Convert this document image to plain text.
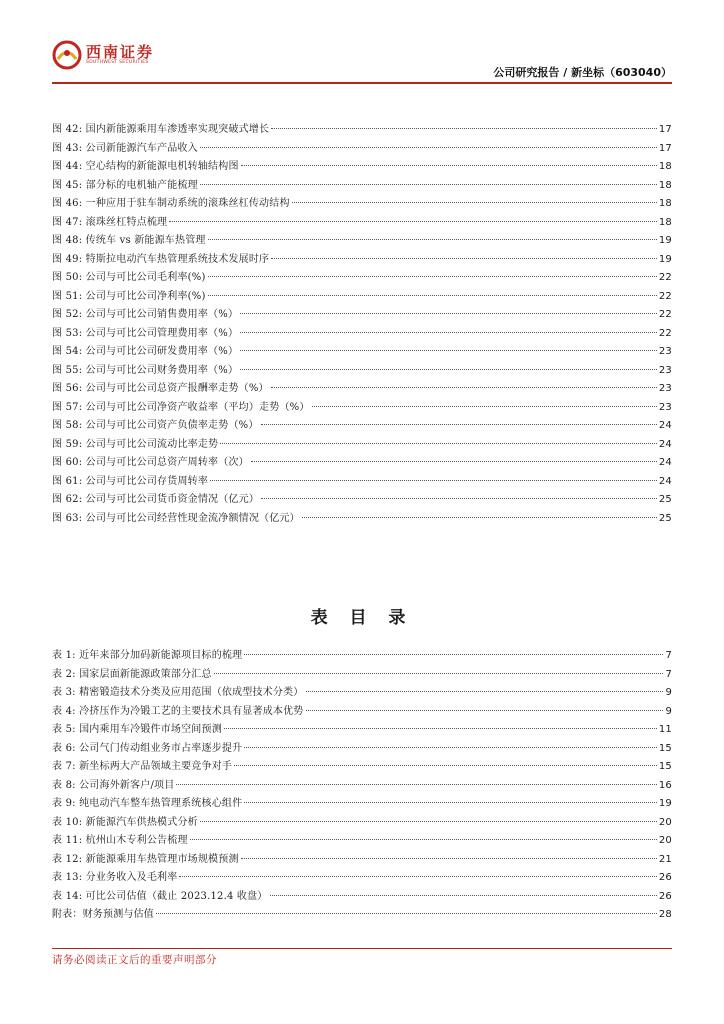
西南证券
SOUTHWEST SECURITIES
公司研究报告 / 新坐标（603040）
图 42: 国内新能源乘用车渗透率实现突破式增长	17
图 43: 公司新能源汽车产品收入	17
图 44: 空心结构的新能源电机转轴结构图	18
图 45: 部分标的电机轴产能梳理	18
图 46: 一种应用于驻车制动系统的滚珠丝杠传动结构	18
图 47: 滚珠丝杠特点梳理	18
图 48: 传统车 vs 新能源车热管理	19
图 49: 特斯拉电动汽车热管理系统技术发展时序	19
图 50: 公司与可比公司毛利率(%)	22
图 51: 公司与可比公司净利率(%)	22
图 52: 公司与可比公司销售费用率（%）	22
图 53: 公司与可比公司管理费用率（%）	22
图 54: 公司与可比公司研发费用率（%）	23
图 55: 公司与可比公司财务费用率（%）	23
图 56: 公司与可比公司总资产报酬率走势（%）	23
图 57: 公司与可比公司净资产收益率（平均）走势（%）	23
图 58: 公司与可比公司资产负债率走势（%）	24
图 59: 公司与可比公司流动比率走势	24
图 60: 公司与可比公司总资产周转率（次）	24
图 61: 公司与可比公司存货周转率	24
图 62: 公司与可比公司货币资金情况（亿元）	25
图 63: 公司与可比公司经营性现金流净额情况（亿元）	25
表 目 录
表 1: 近年来部分加码新能源项目标的梳理	7
表 2: 国家层面新能源政策部分汇总	7
表 3: 精密锻造技术分类及应用范围（依成型技术分类）	9
表 4: 冷挤压作为冷锻工艺的主要技术具有显著成本优势	9
表 5: 国内乘用车冷锻件市场空间预测	11
表 6: 公司气门传动组业务市占率逐步提升	15
表 7: 新坐标两大产品领域主要竞争对手	15
表 8: 公司海外新客户/项目	16
表 9: 纯电动汽车整车热管理系统核心组件	19
表 10: 新能源汽车供热模式分析	20
表 11: 杭州山木专利公告梳理	20
表 12: 新能源乘用车热管理市场规模预测	21
表 13: 分业务收入及毛利率	26
表 14: 可比公司估值（截止 2023.12.4 收盘）	26
附表：财务预测与估值	28
请务必阅读正文后的重要声明部分
